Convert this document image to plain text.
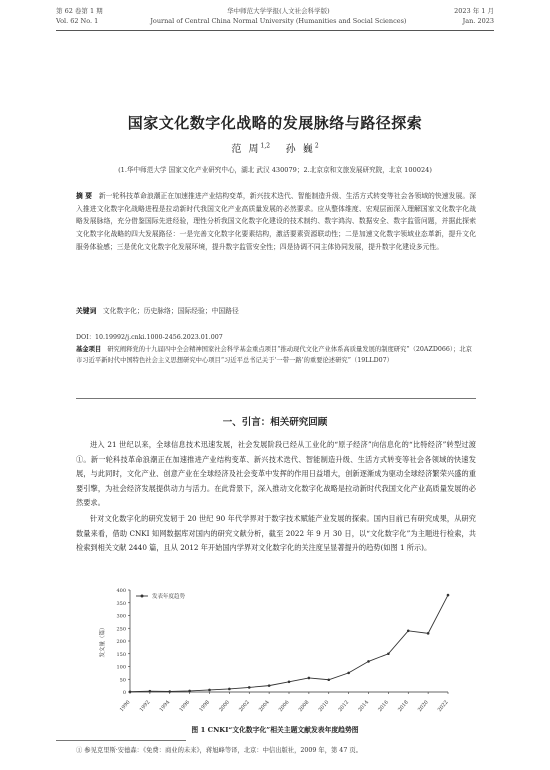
第 62 卷第 1 期
Vol. 62 No. 1
华中师范大学学报(人文社会科学版)
Journal of Central China Normal University (Humanities and Social Sciences)
2023 年 1 月
Jan. 2023
国家文化数字化战略的发展脉络与路径探索
范 周$^{1,2}$ 孙 巍$^2$
(1.华中师范大学 国家文化产业研究中心，湖北 武汉 430079；2.北京京和文旅发展研究院，北京 100024)
摘 要 新一轮科技革命浪潮正在加速推进产业结构变革，新兴技术迭代、智能制造升级、生活方式转变等社会各领域的快速发展。深入推进文化数字化战略进程是拉动新时代我国文化产业高质量发展的必然要求。应从整体维度、宏观层面深入理解国家文化数字化战略发展脉络，充分借鉴国际先进经验，理性分析我国文化数字化建设的技术制约、数字鸿沟、数据安全、数字监管问题，并据此探索文化数字化战略的四大发展路径：一是完善文化数字化要素结构，激活要素资源联动性；二是加速文化数字领域业态革新，提升文化服务体验感；三是优化文化数字化发展环境，提升数字监管安全性；四是协调不同主体协同发展，提升数字化建设多元性。
关键词 文化数字化；历史脉络；国际经验；中国路径
DOI：10.19992/j.cnki.1000-2456.2023.01.007
基金项目 研究阐释党的十九届四中全会精神国家社会科学基金重点项目“推动现代文化产业体系高质量发展的制度研究”（20AZD066）；北京市习近平新时代中国特色社会主义思想研究中心项目“习近平总书记关于‘一带一路’的重要论述研究”（19LLD07）
一、引言：相关研究回顾

进入 21 世纪以来，全球信息技术迅速发展，社会发展阶段已经从工业化的“原子经济”向信息化的“比特经济”转型过渡①。新一轮科技革命浪潮正在加速推进产业结构变革、新兴技术迭代、智能制造升级、生活方式转变等社会各领域的快速发展，与此同时，文化产业、创意产业在全球经济及社会变革中发挥的作用日益增大，创新逐渐成为驱动全球经济繁荣兴盛的重要引擎，为社会经济发展提供动力与活力。在此背景下，深入推动文化数字化战略是拉动新时代我国文化产业高质量发展的必然要求。

针对文化数字化的研究发轫于 20 世纪 90 年代学界对于数字技术赋能产业发展的探索。国内目前已有研究成果，从研究数量来看，借助 CNKI 知网数据库对国内的研究文献分析，截至 2022 年 9 月 30 日，以“文化数字化”为主题进行检索，共检索到相关文献 2440 篇，且从 2012 年开始国内学界对文化数字化的关注度呈显著提升的趋势(如图 1 所示)。

0
50
100
150
200
250
300
350
400
1990 1992 1994 1996 1998 2000 2002 2004 2006 2008 2010 2012 2014 2016 2018 2020 2022
发文量（篇）
发表年度趋势
图 1 CNKI“文化数字化”相关主题文献发表年度趋势图
① 参见克里斯·安德森：《免费：商业的未来》，蒋旭峰等译，北京：中信出版社，2009 年，第 47 页。
